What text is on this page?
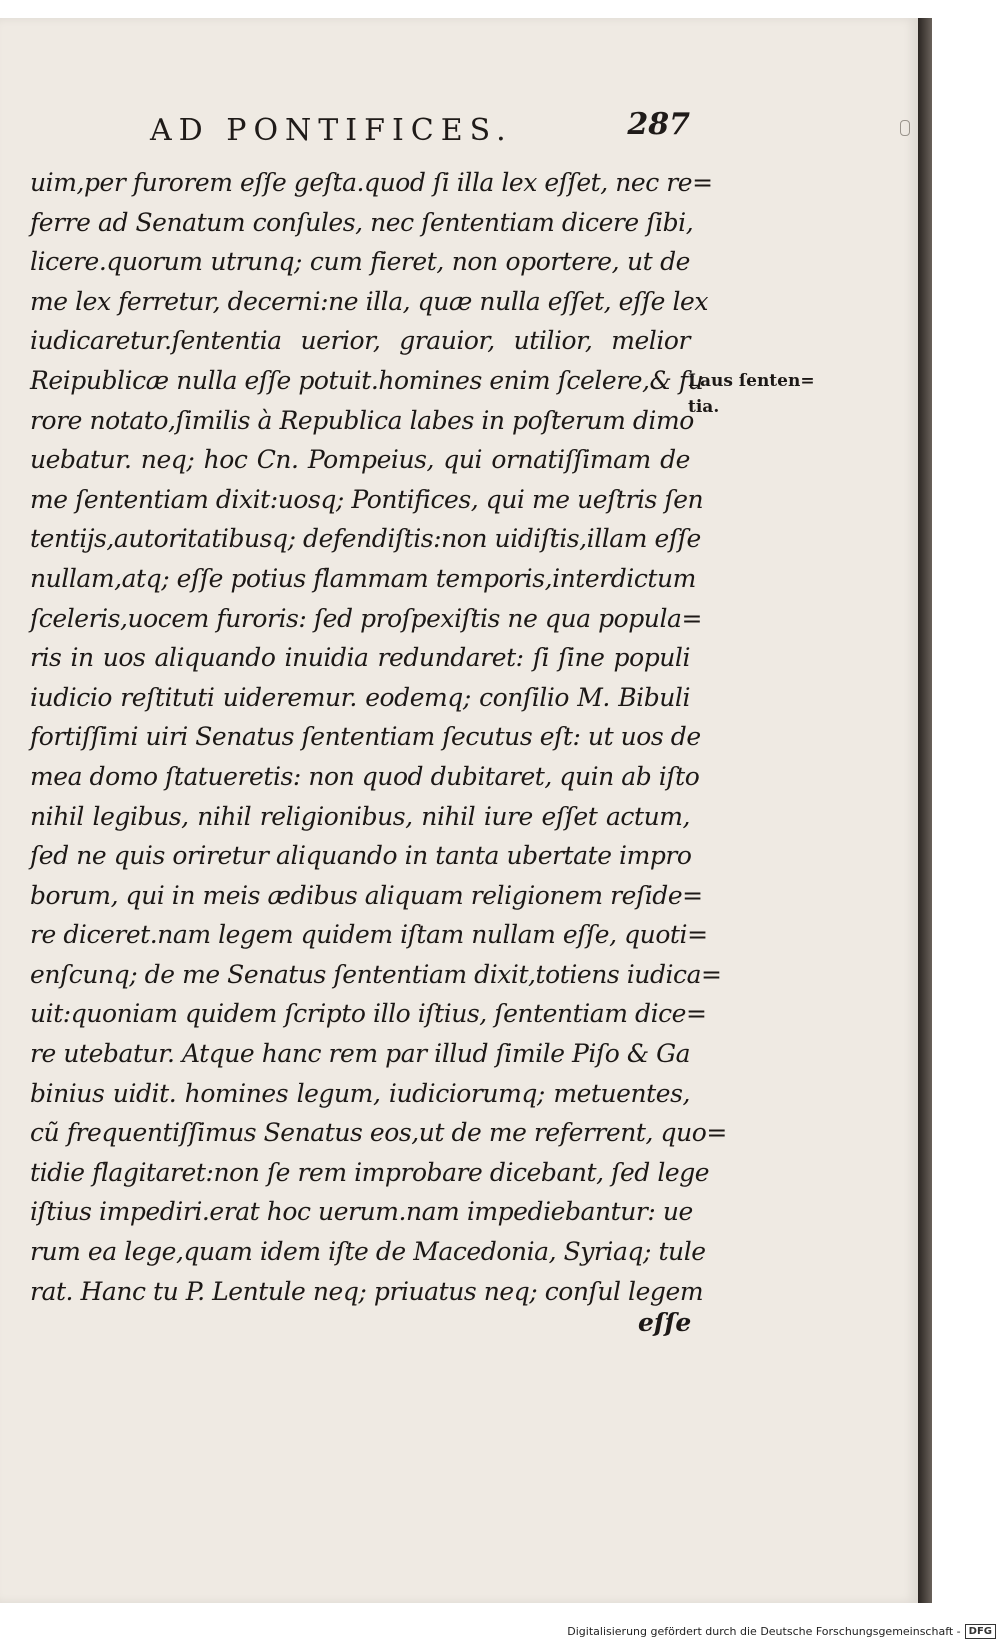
AD PONTIFICES.	287
uim,per furorem eſſe geſta.quod ſi illa lex eſſet, nec re=
ferre ad Senatum conſules, nec ſententiam dicere ſibi,
licere.quorum utrunq; cum fieret, non oportere, ut de
me lex ferretur, decerni:ne illa, quæ nulla eſſet, eſſe lex
iudicaretur.ſententia uerior, grauior, utilior, melior
Reipublicæ nulla eſſe potuit.homines enim ſcelere,& fu
rore notato,ſimilis à Republica labes in poſterum dimo
uebatur. neq; hoc Cn. Pompeius, qui ornatiſſimam de
me ſententiam dixit:uosq; Pontifices, qui me ueſtris ſen
tentijs,autoritatibusq; defendiſtis:non uidiſtis,illam eſſe
nullam,atq; eſſe potius flammam temporis,interdictum
ſceleris,uocem furoris: ſed proſpexiſtis ne qua popula=
ris in uos aliquando inuidia redundaret: ſi ſine populi
iudicio reſtituti uideremur. eodemq; conſilio M. Bibuli
fortiſſimi uiri Senatus ſententiam ſecutus eſt: ut uos de
mea domo ſtatueretis: non quod dubitaret, quin ab iſto
nihil legibus, nihil religionibus, nihil iure eſſet actum,
ſed ne quis oriretur aliquando in tanta ubertate impro
borum, qui in meis ædibus aliquam religionem reſide=
re diceret.nam legem quidem iſtam nullam eſſe, quoti=
enſcunq; de me Senatus ſententiam dixit,totiens iudica=
uit:quoniam quidem ſcripto illo iſtius, ſententiam dice=
re utebatur. Atque hanc rem par illud ſimile Piſo & Ga
binius uidit. homines legum, iudiciorumq; metuentes,
cũ frequentiſſimus Senatus eos,ut de me referrent, quo=
tidie flagitaret:non ſe rem improbare dicebant, ſed lege
iſtius impediri.erat hoc uerum.nam impediebantur: ue
rum ea lege,quam idem iſte de Macedonia, Syriaq; tule
rat. Hanc tu P. Lentule neq; priuatus neq; conſul legem
Laus ſenten=
tia.
eſſe
Digitalisierung gefördert durch die Deutsche Forschungsgemeinschaft - DFG
